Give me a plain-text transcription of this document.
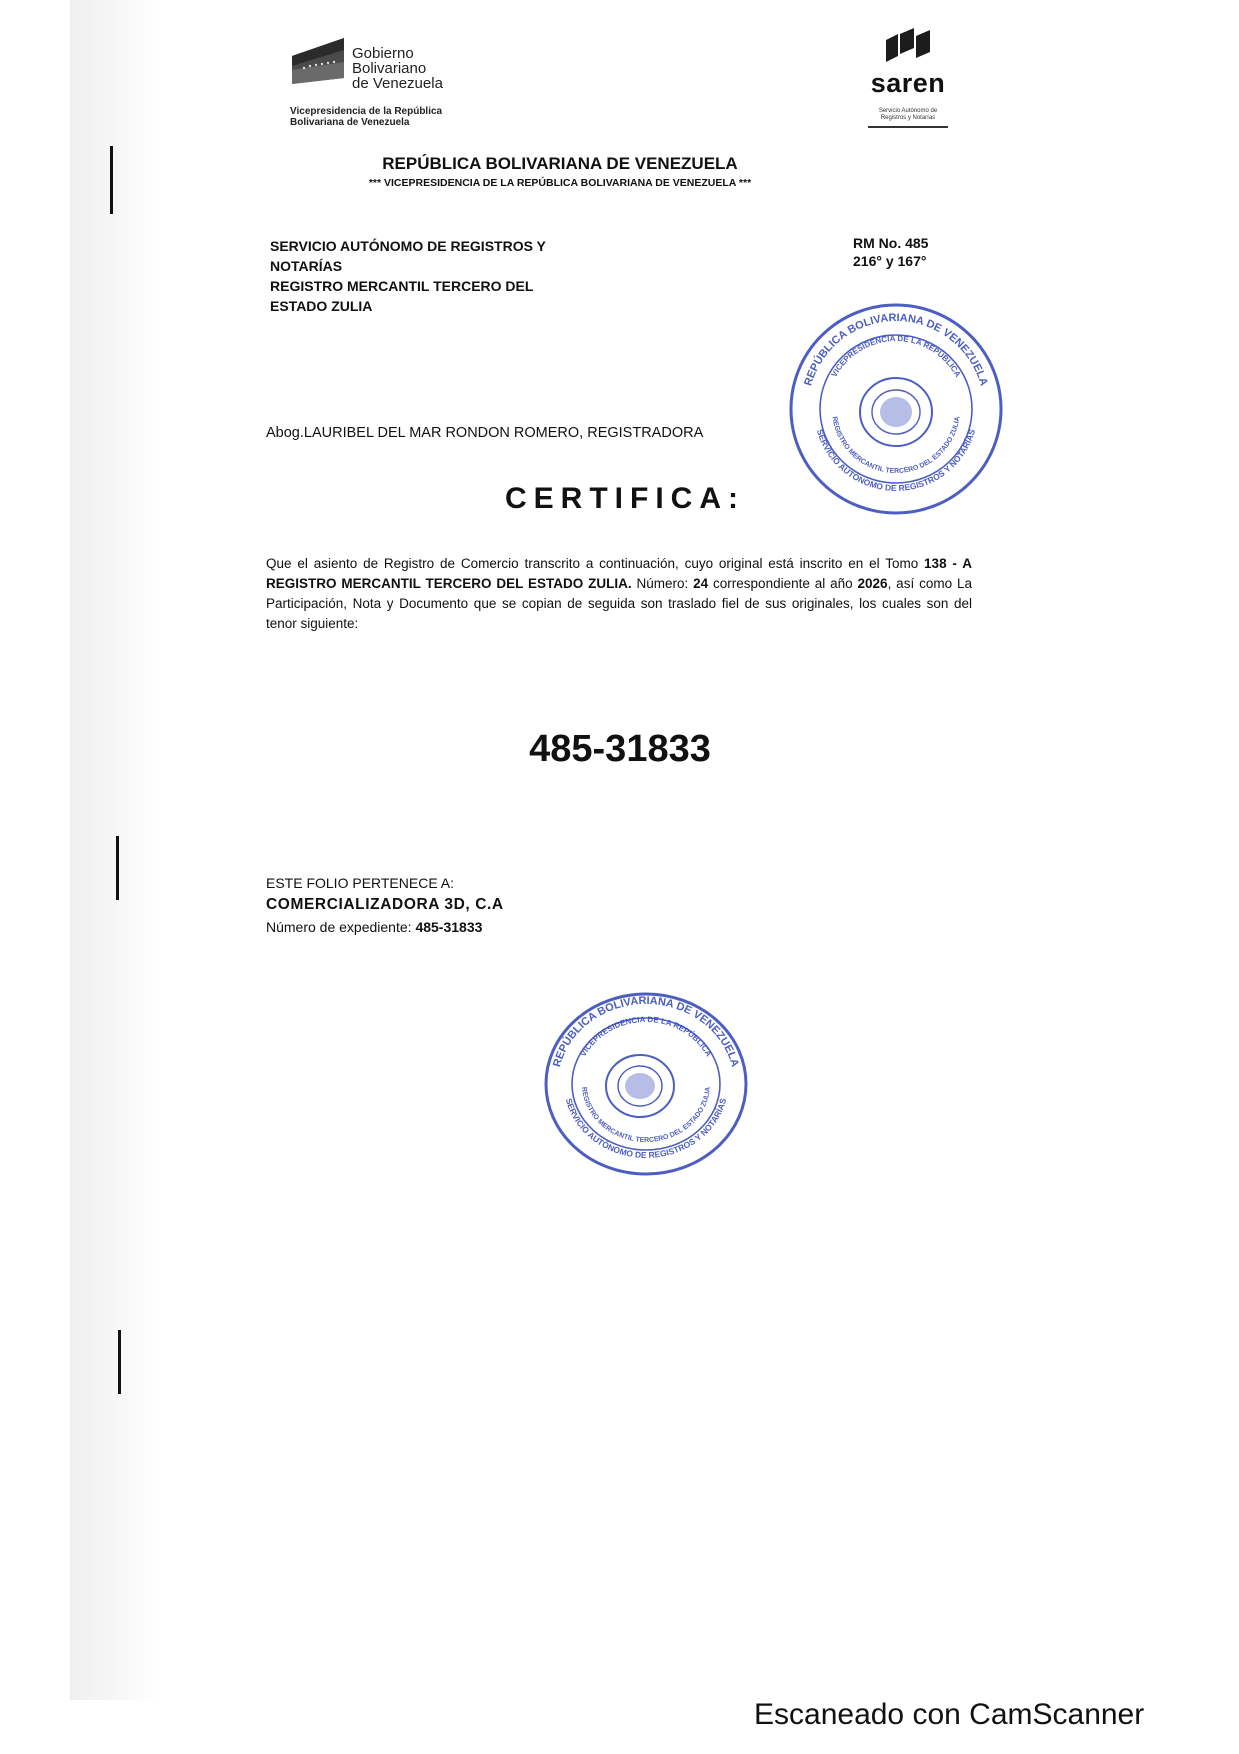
Gobierno
Bolivariano
de Venezuela
Vicepresidencia de la República
Bolivariana de Venezuela
saren
Servicio Autónomo de
Registros y Notarías
REPÚBLICA BOLIVARIANA DE VENEZUELA
*** VICEPRESIDENCIA DE LA REPÚBLICA BOLIVARIANA DE VENEZUELA ***
SERVICIO AUTÓNOMO DE REGISTROS Y
NOTARÍAS
REGISTRO MERCANTIL TERCERO DEL
ESTADO ZULIA
RM No. 485
216° y 167°
Abog.LAURIBEL DEL MAR RONDON ROMERO, REGISTRADORA
CERTIFICA:
Que el asiento de Registro de Comercio transcrito a continuación, cuyo original está inscrito en el Tomo 138 - A REGISTRO MERCANTIL TERCERO DEL ESTADO ZULIA. Número: 24 correspondiente al año 2026, así como La Participación, Nota y Documento que se copian de seguida son traslado fiel de sus originales, los cuales son del tenor siguiente:
485-31833
ESTE FOLIO PERTENECE A:
COMERCIALIZADORA 3D, C.A
Número de expediente: 485-31833
REPÚBLICA BOLIVARIANA DE VENEZUELA
VICEPRESIDENCIA DE LA REPÚBLICA
SERVICIO AUTÓNOMO DE REGISTROS Y NOTARÍAS
REGISTRO MERCANTIL TERCERO DEL ESTADO ZULIA
REPÚBLICA BOLIVARIANA DE VENEZUELA
VICEPRESIDENCIA DE LA REPÚBLICA
SERVICIO AUTÓNOMO DE REGISTROS Y NOTARÍAS
REGISTRO MERCANTIL TERCERO DEL ESTADO ZULIA
Escaneado con CamScanner
